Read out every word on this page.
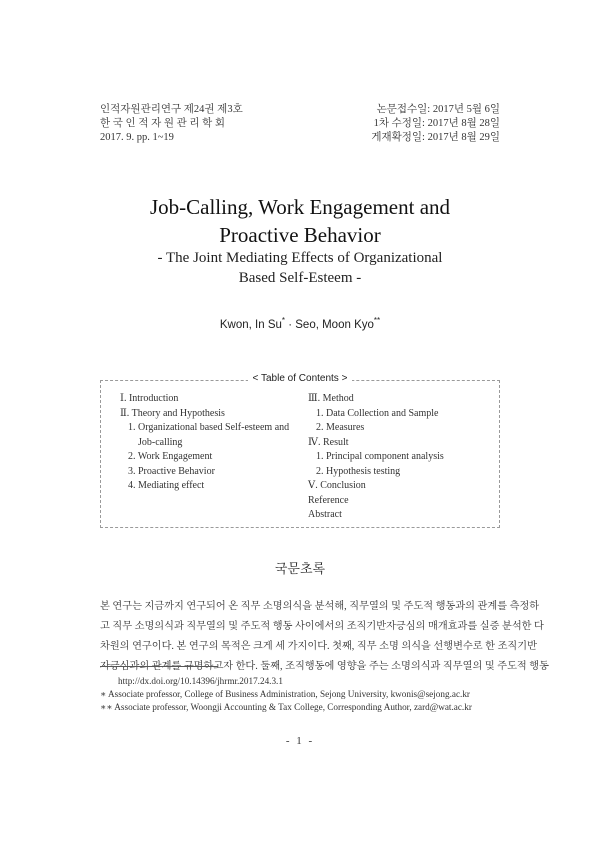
인적자원관리연구 제24권 제3호
한 국 인 적 자 원 관 리 학 회
2017. 9. pp. 1~19
논문접수일: 2017년 5월 6일
1차 수정일: 2017년 8월 28일
게재확정일: 2017년 8월 29일
Job-Calling, Work Engagement and
Proactive Behavior
- The Joint Mediating Effects of Organizational
Based Self-Esteem -
Kwon, In Su* · Seo, Moon Kyo**
< Table of Contents >
Ⅰ. Introduction
Ⅱ. Theory and Hypothesis
1. Organizational based Self-esteem and
Job-calling
2. Work Engagement
3. Proactive Behavior
4. Mediating effect
Ⅲ. Method
1. Data Collection and Sample
2. Measures
Ⅳ. Result
1. Principal component analysis
2. Hypothesis testing
Ⅴ. Conclusion
Reference
Abstract
국문초록
본 연구는 지금까지 연구되어 온 직무 소명의식을 분석해, 직무열의 및 주도적 행동과의 관계를 측정하
고 직무 소명의식과 직무열의 및 주도적 행동 사이에서의 조직기반자긍심의 매개효과를 실증 분석한 다
차원의 연구이다. 본 연구의 목적은 크게 세 가지이다. 첫째, 직무 소명 의식을 선행변수로 한 조직기반
자긍심과의 관계를 규명하고자 한다. 둘째, 조직행동에 영향을 주는 소명의식과 직무열의 및 주도적 행동
http://dx.doi.org/10.14396/jhrmr.2017.24.3.1
∗ Associate professor, College of Business Administration, Sejong University, kwonis@sejong.ac.kr
∗∗ Associate professor, Woongji Accounting & Tax College, Corresponding Author, zard@wat.ac.kr
- 1 -
